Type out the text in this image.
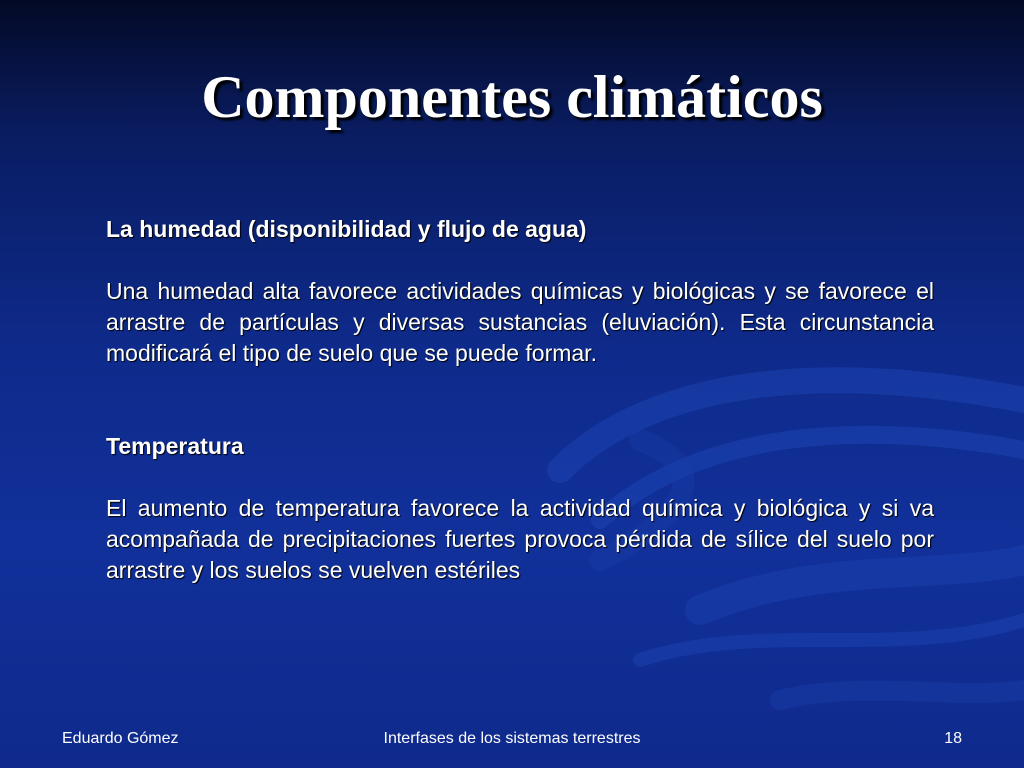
Componentes climáticos

La humedad (disponibilidad y flujo de agua)

Una humedad alta favorece actividades químicas y biológicas y se favorece el arrastre de partículas y diversas sustancias (eluviación). Esta circunstancia modificará el tipo de suelo que se puede formar.

Temperatura

El aumento de temperatura favorece la actividad química y biológica y si va acompañada de precipitaciones fuertes provoca pérdida de sílice del suelo por arrastre y los suelos se vuelven estériles

Eduardo Gómez	Interfases de los sistemas terrestres	18
